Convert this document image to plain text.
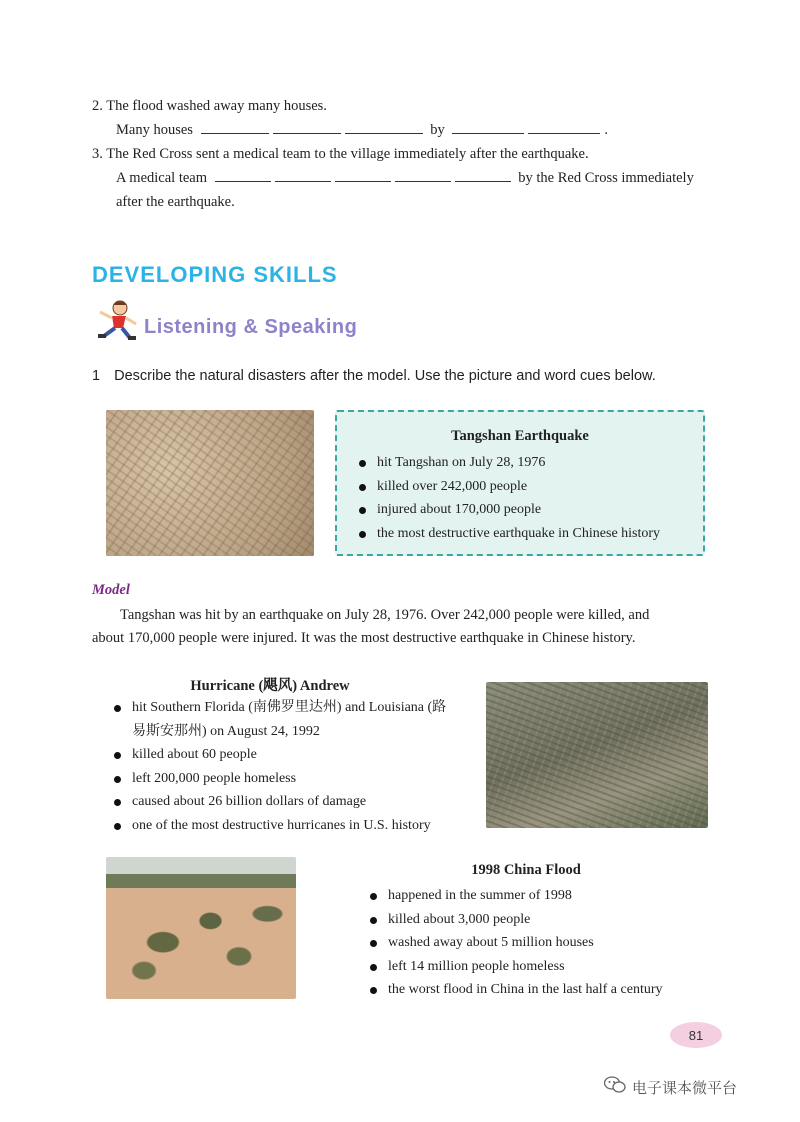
2. The flood washed away many houses.
Many houses	by	.
3. The Red Cross sent a medical team to the village immediately after the earthquake.
A medical team	by the Red Cross immediately
after the earthquake.
DEVELOPING SKILLS
Listening & Speaking
1 Describe the natural disasters after the model. Use the picture and word cues below.
Tangshan Earthquake
hit Tangshan on July 28, 1976
killed over 242,000 people
injured about 170,000 people
the most destructive earthquake in Chinese history
Model
Tangshan was hit by an earthquake on July 28, 1976. Over 242,000 people were killed, and
about 170,000 people were injured. It was the most destructive earthquake in Chinese history.
Hurricane (飓风) Andrew
hit Southern Florida (南佛罗里达州) and Louisiana (路
易斯安那州) on August 24, 1992
killed about 60 people
left 200,000 people homeless
caused about 26 billion dollars of damage
one of the most destructive hurricanes in U.S. history
1998 China Flood
happened in the summer of 1998
killed about 3,000 people
washed away about 5 million houses
left 14 million people homeless
the worst flood in China in the last half a century
81
电子课本微平台
